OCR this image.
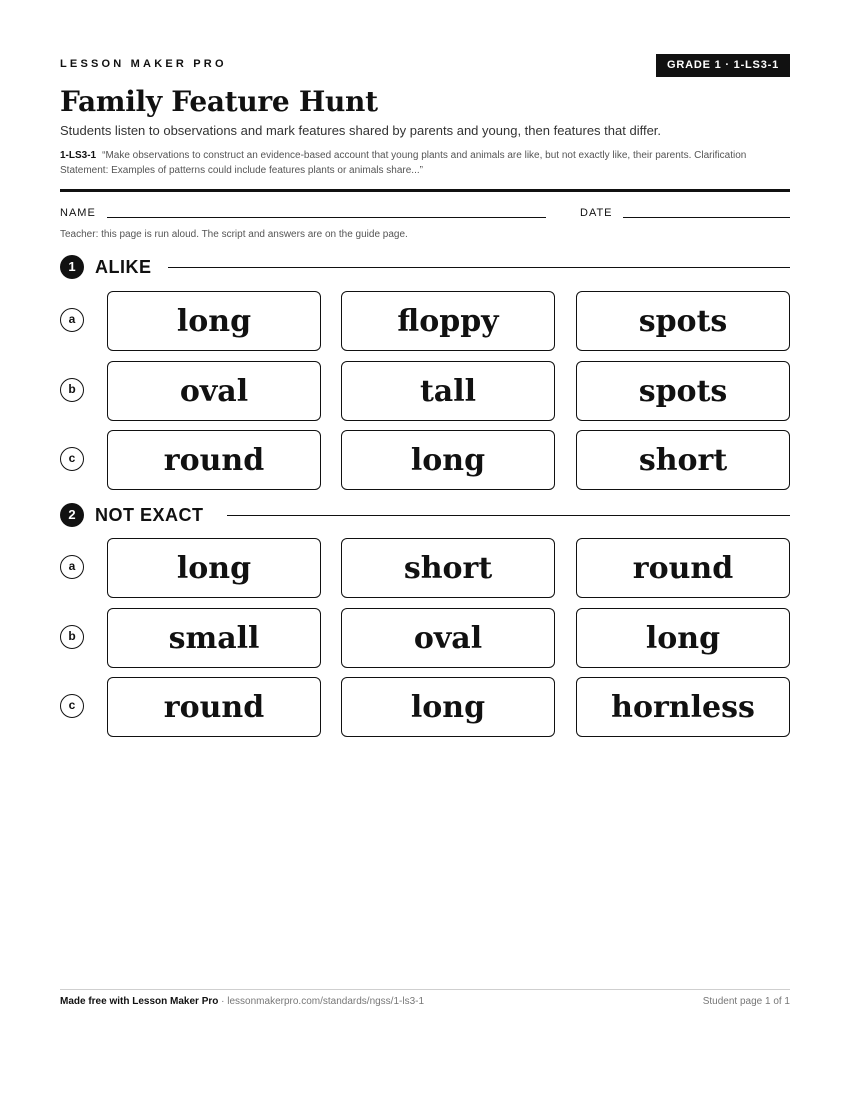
LESSON MAKER PRO	GRADE 1 · 1-LS3-1
Family Feature Hunt
Students listen to observations and mark features shared by parents and young, then features that differ.
1-LS3-1 “Make observations to construct an evidence-based account that young plants and animals are like, but not exactly like, their parents. Clarification Statement: Examples of patterns could include features plants or animals share...”
NAME	DATE
Teacher: this page is run aloud. The script and answers are on the guide page.
1	ALIKE
a	long	floppy	spots
b	oval	tall	spots
c	round	long	short
2	NOT EXACT
a	long	short	round
b	small	oval	long
c	round	long	hornless
Made free with Lesson Maker Pro · lessonmakerpro.com/standards/ngss/1-ls3-1	Student page 1 of 1
